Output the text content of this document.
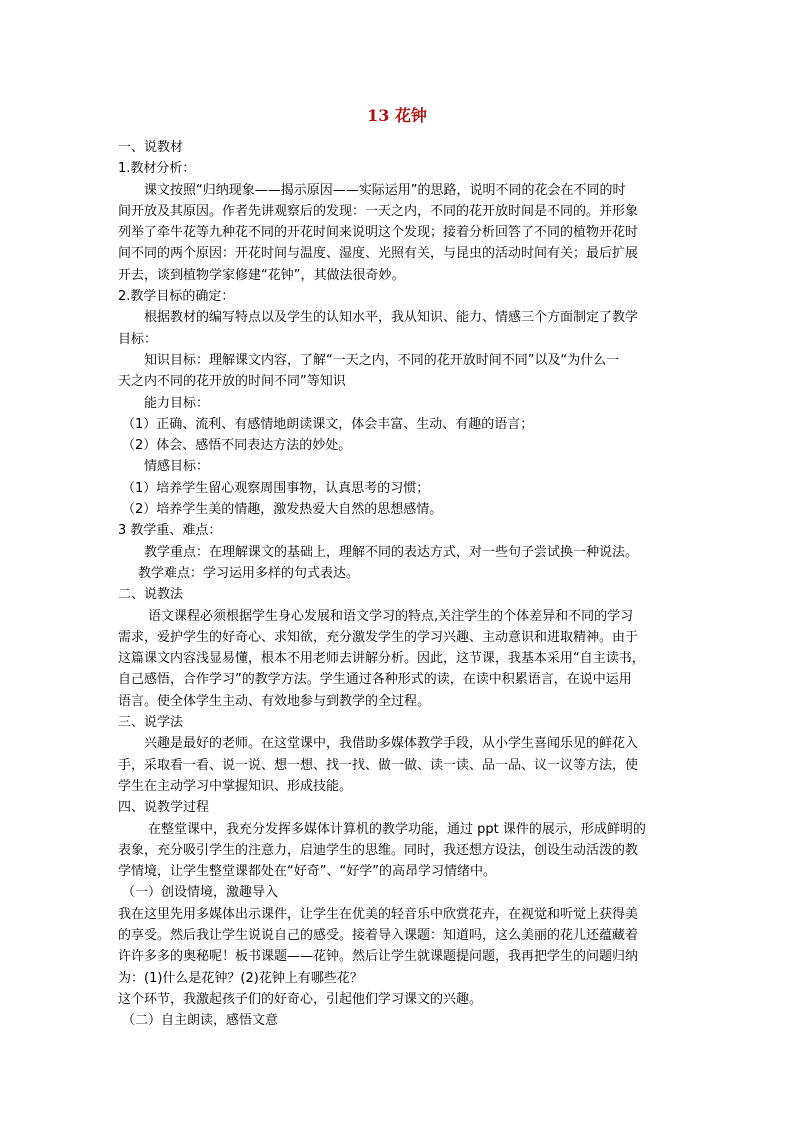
13 花钟

一、说教材

1.教材分析：

课文按照“归纳现象——揭示原因——实际运用”的思路，说明不同的花会在不同的时

间开放及其原因。作者先讲观察后的发现：一天之内，不同的花开放时间是不同的。并形象

列举了牵牛花等九种花不同的开花时间来说明这个发现；接着分析回答了不同的植物开花时

间不同的两个原因：开花时间与温度、湿度、光照有关，与昆虫的活动时间有关；最后扩展

开去，谈到植物学家修建“花钟”，其做法很奇妙。

2.教学目标的确定：

根据教材的编写特点以及学生的认知水平，我从知识、能力、情感三个方面制定了教学

目标：

知识目标：理解课文内容，了解“一天之内，不同的花开放时间不同”以及“为什么一

天之内不同的花开放的时间不同”等知识

能力目标：

（1）正确、流利、有感情地朗读课文，体会丰富、生动、有趣的语言；

（2）体会、感悟不同表达方法的妙处。

情感目标：

（1）培养学生留心观察周围事物，认真思考的习惯；

（2）培养学生美的情趣，激发热爱大自然的思想感情。

3 教学重、难点：

教学重点：在理解课文的基础上，理解不同的表达方式，对一些句子尝试换一种说法。

教学难点：学习运用多样的句式表达。

二、说教法

语文课程必须根据学生身心发展和语文学习的特点,关注学生的个体差异和不同的学习

需求，爱护学生的好奇心、求知欲，充分激发学生的学习兴趣、主动意识和进取精神。由于

这篇课文内容浅显易懂，根本不用老师去讲解分析。因此，这节课，我基本采用“自主读书，

自己感悟，合作学习”的教学方法。学生通过各种形式的读，在读中积累语言，在说中运用

语言。使全体学生主动、有效地参与到教学的全过程。

三、说学法

兴趣是最好的老师。在这堂课中，我借助多媒体教学手段，从小学生喜闻乐见的鲜花入

手，采取看一看、说一说、想一想、找一找、做一做、读一读、品一品、议一议等方法，使

学生在主动学习中掌握知识、形成技能。

四、说教学过程

在整堂课中，我充分发挥多媒体计算机的教学功能，通过 ppt 课件的展示，形成鲜明的

表象，充分吸引学生的注意力，启迪学生的思维。同时，我还想方设法，创设生动活泼的教

学情境，让学生整堂课都处在“好奇”、“好学”的高昂学习情绪中。

（一）创设情境，激趣导入

我在这里先用多媒体出示课件，让学生在优美的轻音乐中欣赏花卉，在视觉和听觉上获得美

的享受。然后我让学生说说自己的感受。接着导入课题：知道吗，这么美丽的花儿还蕴藏着

许许多多的奥秘呢！板书课题——花钟。然后让学生就课题提问题，我再把学生的问题归纳

为：(1)什么是花钟？(2)花钟上有哪些花？

这个环节，我激起孩子们的好奇心，引起他们学习课文的兴趣。

（二）自主朗读，感悟文意
